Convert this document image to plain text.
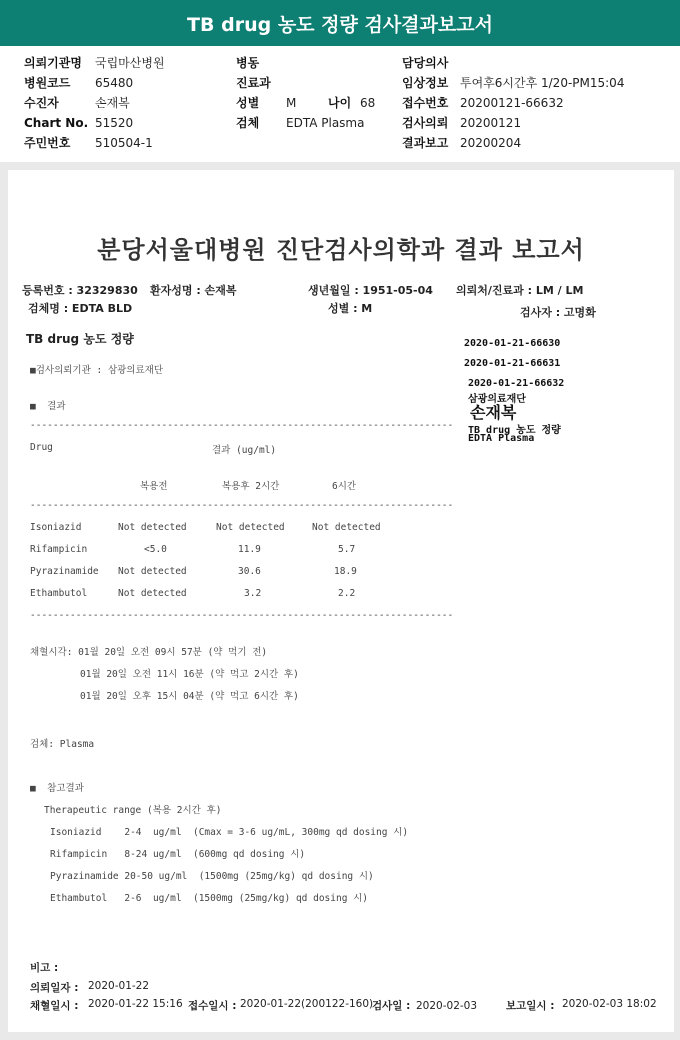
TB drug 농도 정량 검사결과보고서
의뢰기관명 국립마산병원	병동	담당의사
병원코드 65480	진료과	임상정보 투여후6시간후 1/20-PM15:04
수진자	손재복	성별 M	나이 68 접수번호 20200121-66632
Chart No. 51520	검체 EDTA Plasma	검사의뢰 20200121
주민번호 510504-1	결과보고 20200204
분당서울대병원 진단검사의학과 결과 보고서
등록번호 : 32329830 환자성명 : 손재복	생년월일 : 1951-05-04 의뢰처/진료과 : LM / LM
검체명 : EDTA BLD	성별 : M	검사자 : 고명화
TB drug 농도 정량
■검사의뢰기관 : 삼광의료재단
■  결과
--------------------------------------------------------------------------
Drug	결과 (ug/ml)
복용전	복용후 2시간	6시간
--------------------------------------------------------------------------
Isoniazid	Not detected	Not detected	Not detected
Rifampicin	<5.0	11.9	5.7
Pyrazinamide Not detected	30.6	18.9
Ethambutol	Not detected	3.2	2.2
--------------------------------------------------------------------------
채혈시각: 01월 20일 오전 09시 57분 (약 먹기 전)
01월 20일 오전 11시 16분 (약 먹고 2시간 후)
01월 20일 오후 15시 04분 (약 먹고 6시간 후)
검체: Plasma
■  참고결과
Therapeutic range (복용 2시간 후)
Isoniazid    2-4  ug/ml  (Cmax = 3-6 ug/mL, 300mg qd dosing 시)
Rifampicin   8-24 ug/ml  (600mg qd dosing 시)
Pyrazinamide 20-50 ug/ml  (1500mg (25mg/kg) qd dosing 시)
Ethambutol   2-6  ug/ml  (1500mg (25mg/kg) qd dosing 시)
2020-01-21-66630
2020-01-21-66631
2020-01-21-66632
삼광의료재단
손재복
TB drug 농도 정량
EDTA Plasma
비고 :
의뢰일자 : 2020-01-22
채혈일시 : 2020-01-22 15:16 접수일시 : 2020-01-22(200122-160)
검사일 : 2020-02-03	보고일시 : 2020-02-03 18:02
